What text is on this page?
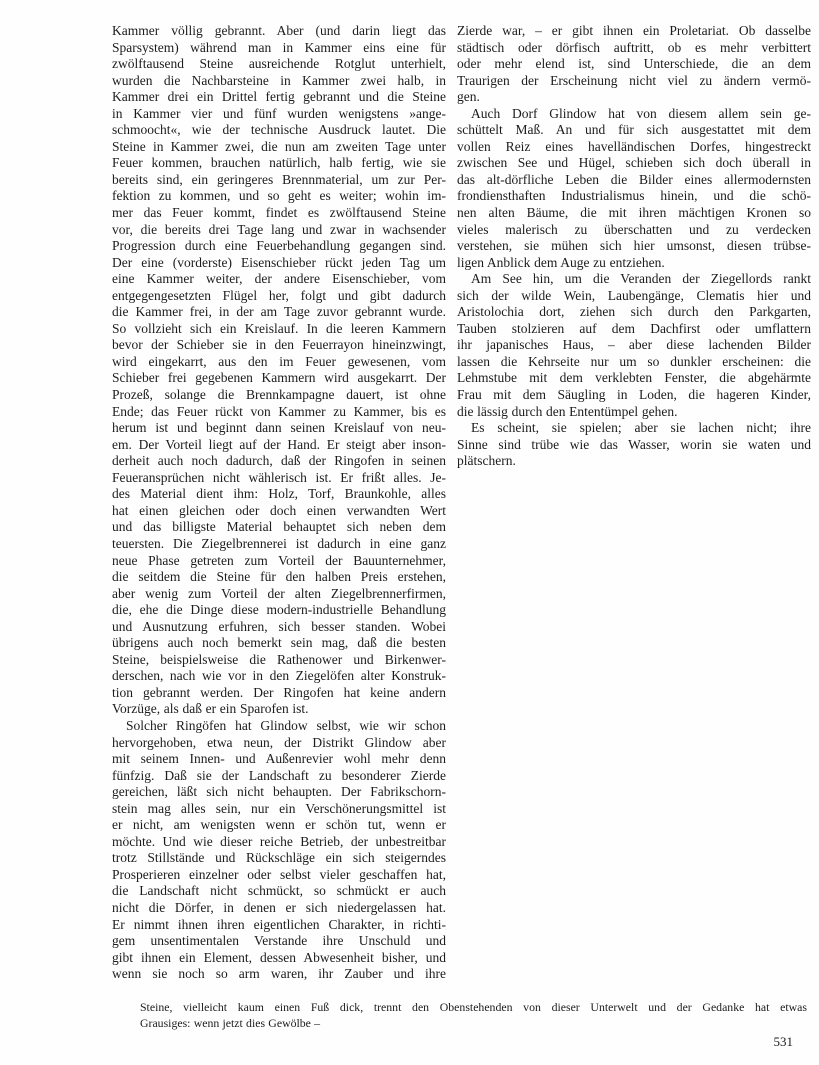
Kammer völlig gebrannt. Aber (und darin liegt das
Sparsystem) während man in Kammer eins eine für
zwölftausend Steine ausreichende Rotglut unterhielt,
wurden die Nachbarsteine in Kammer zwei halb, in
Kammer drei ein Drittel fertig gebrannt und die Steine
in Kammer vier und fünf wurden wenigstens »ange-
schmoocht«, wie der technische Ausdruck lautet. Die
Steine in Kammer zwei, die nun am zweiten Tage unter
Feuer kommen, brauchen natürlich, halb fertig, wie sie
bereits sind, ein geringeres Brennmaterial, um zur Per-
fektion zu kommen, und so geht es weiter; wohin im-
mer das Feuer kommt, findet es zwölftausend Steine
vor, die bereits drei Tage lang und zwar in wachsender
Progression durch eine Feuerbehandlung gegangen sind.
Der eine (vorderste) Eisenschieber rückt jeden Tag um
eine Kammer weiter, der andere Eisenschieber, vom
entgegengesetzten Flügel her, folgt und gibt dadurch
die Kammer frei, in der am Tage zuvor gebrannt wurde.
So vollzieht sich ein Kreislauf. In die leeren Kammern
bevor der Schieber sie in den Feuerrayon hineinzwingt,
wird eingekarrt, aus den im Feuer gewesenen, vom
Schieber frei gegebenen Kammern wird ausgekarrt. Der
Prozeß, solange die Brennkampagne dauert, ist ohne
Ende; das Feuer rückt von Kammer zu Kammer, bis es
herum ist und beginnt dann seinen Kreislauf von neu-
em. Der Vorteil liegt auf der Hand. Er steigt aber inson-
derheit auch noch dadurch, daß der Ringofen in seinen
Feueransprüchen nicht wählerisch ist. Er frißt alles. Je-
des Material dient ihm: Holz, Torf, Braunkohle, alles
hat einen gleichen oder doch einen verwandten Wert
und das billigste Material behauptet sich neben dem
teuersten. Die Ziegelbrennerei ist dadurch in eine ganz
neue Phase getreten zum Vorteil der Bauunternehmer,
die seitdem die Steine für den halben Preis erstehen,
aber wenig zum Vorteil der alten Ziegelbrennerfirmen,
die, ehe die Dinge diese modern-industrielle Behandlung
und Ausnutzung erfuhren, sich besser standen. Wobei
übrigens auch noch bemerkt sein mag, daß die besten
Steine, beispielsweise die Rathenower und Birkenwer-
derschen, nach wie vor in den Ziegelöfen alter Konstruk-
tion gebrannt werden. Der Ringofen hat keine andern
Vorzüge, als daß er ein Sparofen ist.
Solcher Ringöfen hat Glindow selbst, wie wir schon
hervorgehoben, etwa neun, der Distrikt Glindow aber
mit seinem Innen- und Außenrevier wohl mehr denn
fünfzig. Daß sie der Landschaft zu besonderer Zierde
gereichen, läßt sich nicht behaupten. Der Fabrikschorn-
stein mag alles sein, nur ein Verschönerungsmittel ist
er nicht, am wenigsten wenn er schön tut, wenn er
möchte. Und wie dieser reiche Betrieb, der unbestreitbar
trotz Stillstände und Rückschläge ein sich steigerndes
Prosperieren einzelner oder selbst vieler geschaffen hat,
die Landschaft nicht schmückt, so schmückt er auch
nicht die Dörfer, in denen er sich niedergelassen hat.
Er nimmt ihnen ihren eigentlichen Charakter, in richti-
gem unsentimentalen Verstande ihre Unschuld und
gibt ihnen ein Element, dessen Abwesenheit bisher, und
wenn sie noch so arm waren, ihr Zauber und ihre
Zierde war, – er gibt ihnen ein Proletariat. Ob dasselbe
städtisch oder dörfisch auftritt, ob es mehr verbittert
oder mehr elend ist, sind Unterschiede, die an dem
Traurigen der Erscheinung nicht viel zu ändern vermö-
gen.
Auch Dorf Glindow hat von diesem allem sein ge-
schüttelt Maß. An und für sich ausgestattet mit dem
vollen Reiz eines havelländischen Dorfes, hingestreckt
zwischen See und Hügel, schieben sich doch überall in
das alt-dörfliche Leben die Bilder eines allermodernsten
frondiensthaften Industrialismus hinein, und die schö-
nen alten Bäume, die mit ihren mächtigen Kronen so
vieles malerisch zu überschatten und zu verdecken
verstehen, sie mühen sich hier umsonst, diesen trübse-
ligen Anblick dem Auge zu entziehen.
Am See hin, um die Veranden der Ziegellords rankt
sich der wilde Wein, Laubengänge, Clematis hier und
Aristolochia dort, ziehen sich durch den Parkgarten,
Tauben stolzieren auf dem Dachfirst oder umflattern
ihr japanisches Haus, – aber diese lachenden Bilder
lassen die Kehrseite nur um so dunkler erscheinen: die
Lehmstube mit dem verklebten Fenster, die abgehärmte
Frau mit dem Säugling in Loden, die hageren Kinder,
die lässig durch den Ententümpel gehen.
Es scheint, sie spielen; aber sie lachen nicht; ihre
Sinne sind trübe wie das Wasser, worin sie waten und
plätschern.
Steine, vielleicht kaum einen Fuß dick, trennt den Obenstehenden von dieser Unterwelt und der Gedanke hat etwas
Grausiges: wenn jetzt dies Gewölbe –
531
